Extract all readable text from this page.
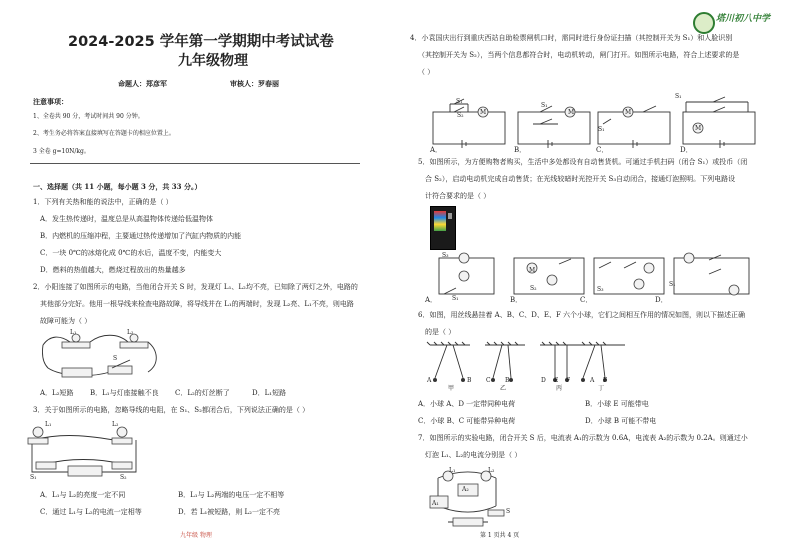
2024-2025 学年第一学期期中考试试卷
九年级物理
命题人：郑彦军	审核人：罗春丽
注意事项：
1、全卷共 90 分，考试时间共 90 分钟。
2、考生务必将答案直接填写在答题卡的相应位置上。
3 全卷 g=10N/kg。
一、选择题（共 11 小题，每小题 3 分，共 33 分。）
1．下列有关热和能的说法中，正确的是（ ）
A．发生热传递时，温度总是从高温物体传递给低温物体
B．内燃机的压缩冲程，主要通过热传递增加了汽缸内物质的内能
C．一块 0℃的冰熔化成 0℃的水后，温度不变，内能变大
D．燃料的热值越大，燃烧过程放出的热量越多
2．小阳连接了如图所示的电路，当他闭合开关 S 时，发现灯 L₁、L₂均不亮，已知除了两灯之外，电路的
其他部分完好。他用一根导线来检查电路故障，将导线并在 L₁的两端时，发现 L₂亮、L₁不亮，则电路
故障可能为（ ）
L₁	L₂
S
A．L₂短路 B．L₁与灯座接触不良 C．L₂的灯丝断了	D．L₁短路
3．关于如图所示的电路，忽略导线的电阻，在 S₁、S₂都闭合后，下列说法正确的是（ ）
L₁	L₂
S₁	S₂
A．L₁与 L₂的亮度一定不同	B．L₁与 L₂两端的电压一定不相等
C．通过 L₁与 L₂的电流一定相等	D．若 L₁被短路，则 L₂一定不亮
九年级 物理
塔川初八中学
4．小袁国庆出行到重庆西站自助检票闸机口时，需同时进行身份证扫描（其控制开关为 S₁）和人脸识别
（其控制开关为 S₂），当两个信息都符合时，电动机转动，闸门打开。如图所示电路，符合上述要求的是
（ ）
S₁
S₂	M
S₁
M
S₁
M
S₁
M
A．	B．	C．	D．
5．如图所示，为方便购物者购买，生活中多处都设有自动售货机。可通过手机扫码（闭合 S₁）或投币（闭
合 S₂），启动电动机完成自动售货；在光线较暗时光控开关 S₃自动闭合，接通灯泡照明。下列电路设
计符合要求的是（ ）
S₃
S₁
M
S₂	S₃
S₁
A．	B．	C．	D．
6．如图，用丝线悬挂着 A、B、C、D、E、F 六个小球，它们之间相互作用的情况如图，则以下描述正确
的是（ ）
A	B C B	D E F	A F
甲	乙	丙	丁
A．小球 A、D 一定带同种电荷	B．小球 E 可能带电
C．小球 B、C 可能带异种电荷	D．小球 B 可能不带电
7．如图所示的实验电路，闭合开关 S 后，电流表 A₁的示数为 0.6A，电流表 A₂的示数为 0.2A。则通过小
灯泡 L₁、L₂的电流分别是（ ）
L₁	L₂
A₂
A₁
S
第 1 页共 4 页
